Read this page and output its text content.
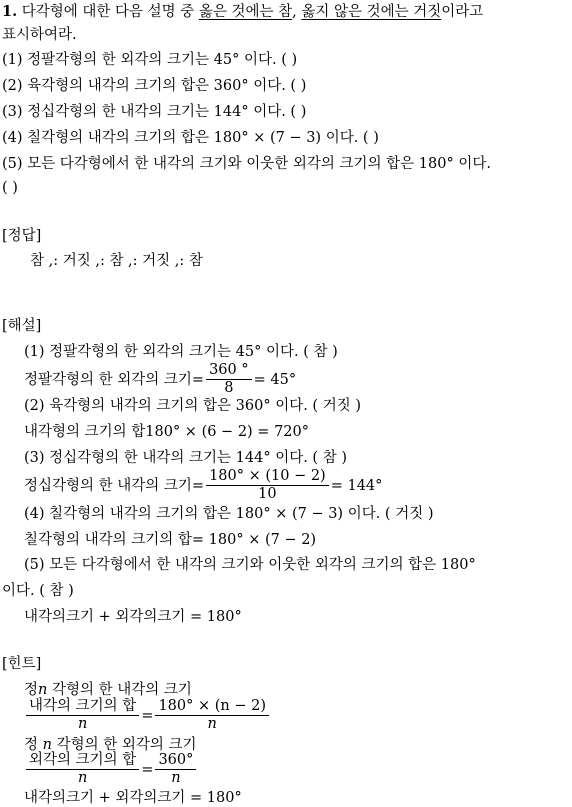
1. 다각형에 대한 다음 설명 중 옳은 것에는 참, 옳지 않은 것에는 거짓이라고
표시하여라.
(1) 정팔각형의 한 외각의 크기는 45° 이다. ( )
(2) 육각형의 내각의 크기의 합은 360° 이다. ( )
(3) 정십각형의 한 내각의 크기는 144° 이다. ( )
(4) 칠각형의 내각의 크기의 합은 180° × (7 − 3) 이다. ( )
(5) 모든 다각형에서 한 내각의 크기와 이웃한 외각의 크기의 합은 180° 이다.
( )
[정답]
참 ,: 거짓 ,: 참 ,: 거짓 ,: 참
[해설]
(1) 정팔각형의 한 외각의 크기는 45° 이다. ( 참 )
정팔각형의 한 외각의 크기= $\frac{360 ^\circ}{8} = 45^\circ$
(2) 육각형의 내각의 크기의 합은 360° 이다. ( 거짓 )
내각형의 크기의 합180° × (6 − 2) = 720°
(3) 정십각형의 한 내각의 크기는 144° 이다. ( 참 )
정십각형의 한 내각의 크기= $\frac{180^\circ \times (10 - 2)}{10} = 144^\circ$
(4) 칠각형의 내각의 크기의 합은 180° × (7 − 3) 이다. ( 거짓 )
칠각형의 내각의 크기의 합= 180° × (7 − 2)
(5) 모든 다각형에서 한 내각의 크기와 이웃한 외각의 크기의 합은 180°
이다. ( 참 )
내각의크기 + 외각의크기 = 180°
[힌트]
정n 각형의 한 내각의 크기
$\frac{\text{내각의 크기의 합}}{n} = \frac{180^\circ \times (n - 2)}{n}$
정 n 각형의 한 외각의 크기
$\frac{\text{외각의 크기의 합}}{n} = \frac{360^\circ}{n}$
내각의크기 + 외각의크기 = 180°
